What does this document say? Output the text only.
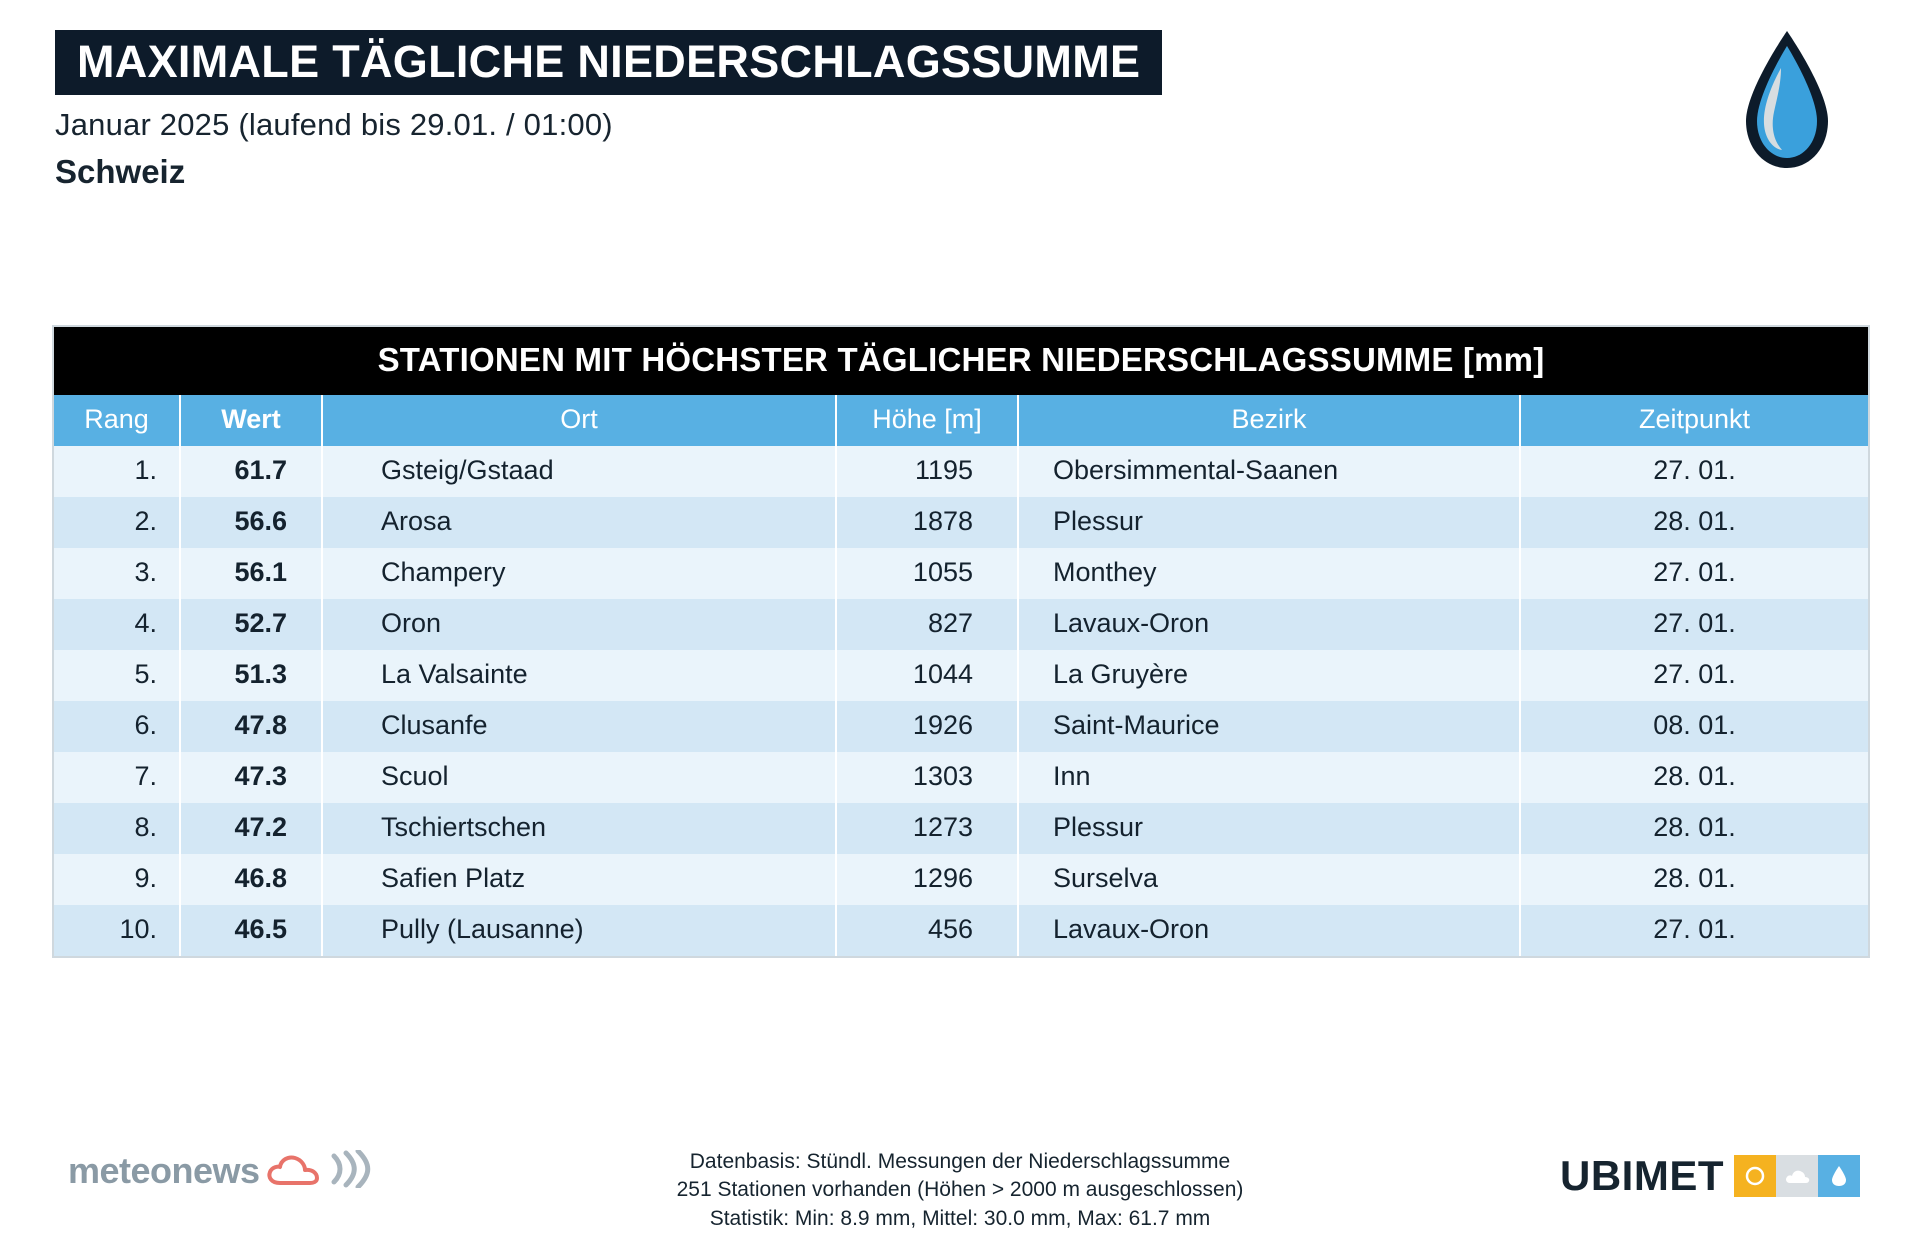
MAXIMALE TÄGLICHE NIEDERSCHLAGSSUMME
Januar 2025 (laufend bis 29.01. / 01:00)
Schweiz
STATIONEN MIT HÖCHSTER TÄGLICHER NIEDERSCHLAGSSUMME [mm]
Rang	Wert	Ort	Höhe [m]	Bezirk	Zeitpunkt
1.	61.7	Gsteig/Gstaad	1195	Obersimmental-Saanen	27. 01.
2.	56.6	Arosa	1878	Plessur	28. 01.
3.	56.1	Champery	1055	Monthey	27. 01.
4.	52.7	Oron	827	Lavaux-Oron	27. 01.
5.	51.3	La Valsainte	1044	La Gruyère	27. 01.
6.	47.8	Clusanfe	1926	Saint-Maurice	08. 01.
7.	47.3	Scuol	1303	Inn	28. 01.
8.	47.2	Tschiertschen	1273	Plessur	28. 01.
9.	46.8	Safien Platz	1296	Surselva	28. 01.
10.	46.5	Pully (Lausanne)	456	Lavaux-Oron	27. 01.
meteonews	Datenbasis: Stündl. Messungen der Niederschlagssumme
251 Stationen vorhanden (Höhen > 2000 m ausgeschlossen)
Statistik: Min: 8.9 mm, Mittel: 30.0 mm, Max: 61.7 mm
UBIMET
